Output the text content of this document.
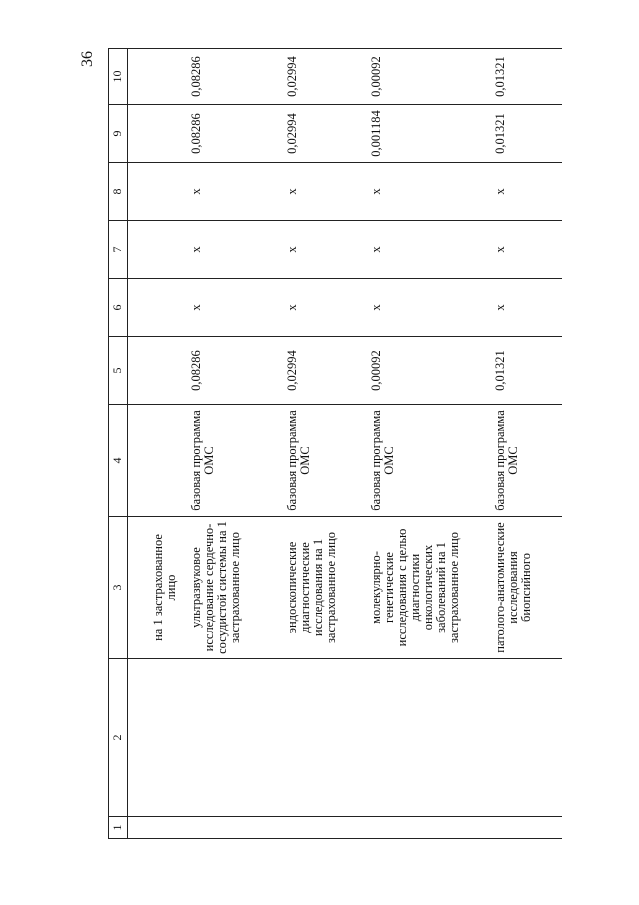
36
1	2	3	4	5	6	7	8	9	10
		на 1 застрахованное лицо							
		ультразвуковое исследование сердечно-сосудистой системы на 1 застрахованное лицо	базовая программа ОМС	0,08286	x	x	x	0,08286	0,08286
		эндоскопические диагностические исследования на 1 застрахованное лицо	базовая программа ОМС	0,02994	x	x	x	0,02994	0,02994
		молекулярно-генетические исследования с целью диагностики онкологических заболеваний на 1 застрахованное лицо	базовая программа ОМС	0,00092	x	x	x	0,001184	0,00092
		патолого-анатомические исследования биопсийного	базовая программа ОМС	0,01321	x	x	x	0,01321	0,01321
